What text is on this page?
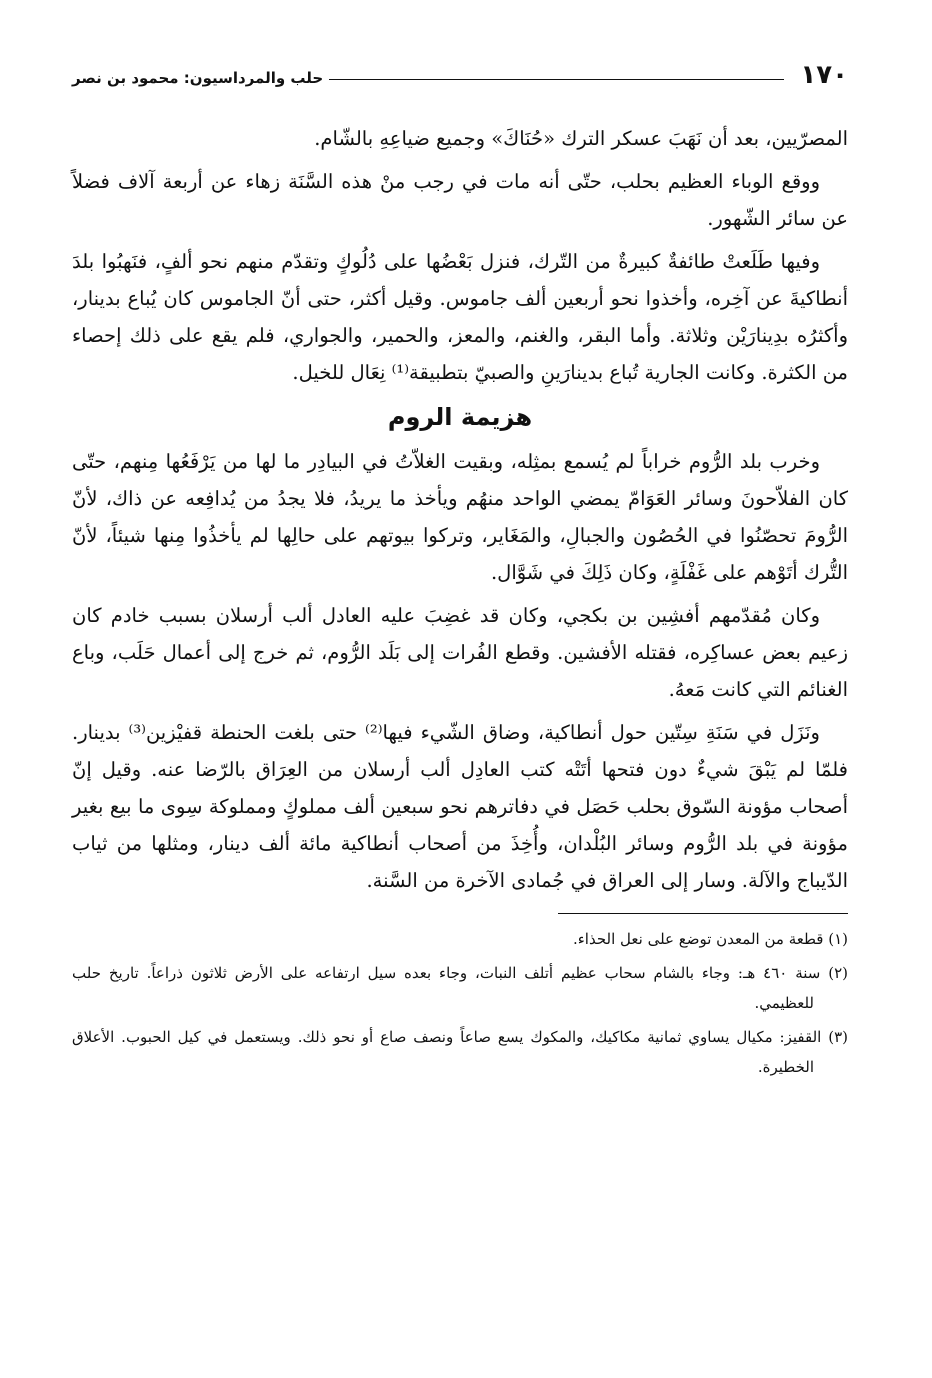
١٧٠
حلب والمرداسيون: محمود بن نصر

المصرّيين، بعد أن نَهَبَ عسكر الترك «حُنَاكَ» وجميع ضياعِهِ بالشّام.

ووقع الوباء العظيم بحلب، حتّى أنه مات في رجب منْ هذه السَّنَة زهاء عن أربعة آلاف فضلاً عن سائر الشّهور.

وفيها طَلَعتْ طائفةٌ كبيرةٌ من التّرك، فنزل بَعْضُها على دُلُوكٍ وتقدّم منهم نحو ألفٍ، فنَهبُوا بلدَ أنطاكيةَ عن آخِره، وأخذوا نحو أربعين ألف جاموس. وقيل أكثر، حتى أنّ الجاموس كان يُباع بدينار، وأكثرُه بدِينارَيْن وثلاثة. وأما البقر، والغنم، والمعز، والحمير، والجواري، فلم يقع على ذلك إحصاء من الكثرة. وكانت الجارية تُباع بدينارَينِ والصبيّ بتطبيقة⁽¹⁾ نِعَال للخيل.

هزيمة الروم

وخرب بلد الرُّوم خراباً لم يُسمع بمثِله، وبقيت الغلاّتُ في البيادِر ما لها من يَرْفَعُها مِنهم، حتّى كان الفلاّحونَ وسائر العَوَامّ يمضي الواحد منهُم ويأخذ ما يريدُ، فلا يجدُ من يُدافِعه عن ذاك، لأنّ الرُّومَ تحصّنُوا في الحُصُون والجبالِ، والمَغَاير، وتركوا بيوتهم على حالِها لم يأخذُوا مِنها شيئاً، لأنّ التُّرك أتَوْهم على غَفْلَةٍ، وكان ذَلِكَ في شَوَّال.

وكان مُقدّمهم أفشِين بن بكجي، وكان قد غضِبَ عليه العادل ألب أرسلان بسبب خادم كان زعيم بعض عساكِره، فقتله الأفشين. وقطع الفُرات إلى بَلَد الرُّوم، ثم خرج إلى أعمال حَلَب، وباع الغنائم التي كانت مَعهُ.

ونَزَل في سَنَةِ سِتّين حول أنطاكية، وضاق الشّيء فيها⁽²⁾ حتى بلغت الحنطة قفيْزين⁽³⁾ بدينار. فلمّا لم يَبْقَ شيءٌ دون فتحها أتَتْه كتب العادِل ألب أرسلان من العِرَاق بالرّضا عنه. وقيل إنّ أصحاب مؤونة السّوق بحلب حَصَل في دفاترهم نحو سبعين ألف مملوكٍ ومملوكة سِوى ما بيع بغير مؤونة في بلد الرُّوم وسائر البُلْدان، وأُخِذَ من أصحاب أنطاكية مائة ألف دينار، ومثلها من ثياب الدّيباج والآلة. وسار إلى العراق في جُمادى الآخرة من السَّنة.

(١) قطعة من المعدن توضع على نعل الحذاء.

(٢) سنة ٤٦٠ هـ: وجاء بالشام سحاب عظيم أتلف النبات، وجاء بعده سيل ارتفاعه على الأرض ثلاثون ذراعاً. تاريخ حلب للعظيمي.

(٣) القفيز: مكيال يساوي ثمانية مكاكيك، والمكوك يسع صاعاً ونصف صاع أو نحو ذلك. ويستعمل في كيل الحبوب. الأعلاق الخطيرة.
